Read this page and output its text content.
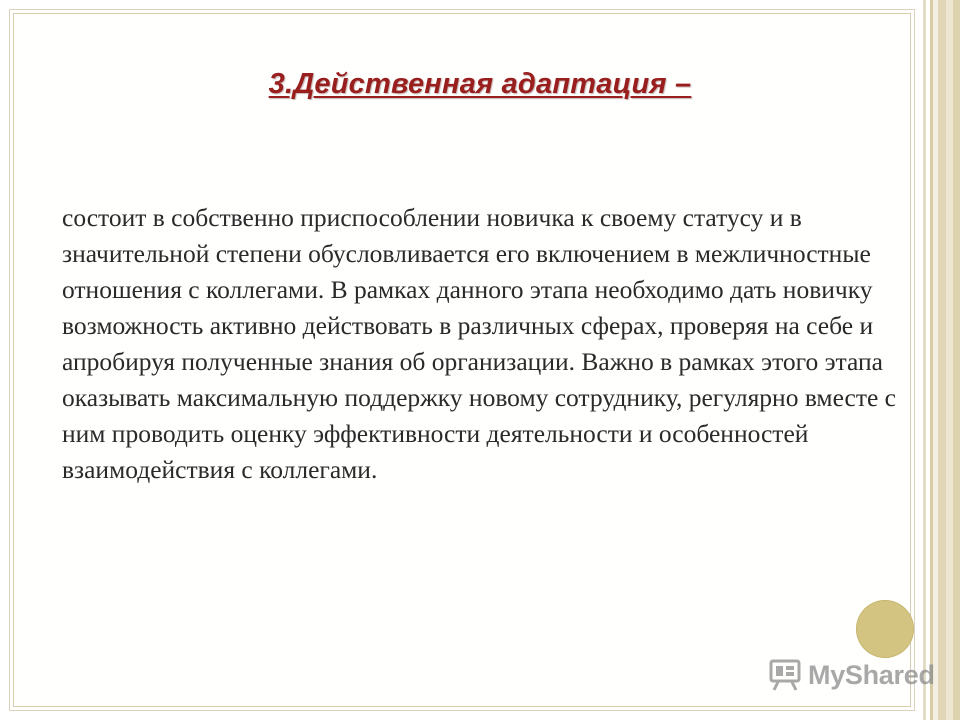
3.Действенная адаптация –

состоит в собственно приспособлении новичка к своему статусу и в значительной степени обусловливается его включением в межличностные отношения с коллегами. В рамках данного этапа необходимо дать новичку возможность активно действовать в различных сферах, проверяя на себе и апробируя полученные знания об организации. Важно в рамках этого этапа оказывать максимальную поддержку новому сотруднику, регулярно вместе с ним проводить оценку эффективности деятельности и особенностей взаимодействия с коллегами.

MyShared
